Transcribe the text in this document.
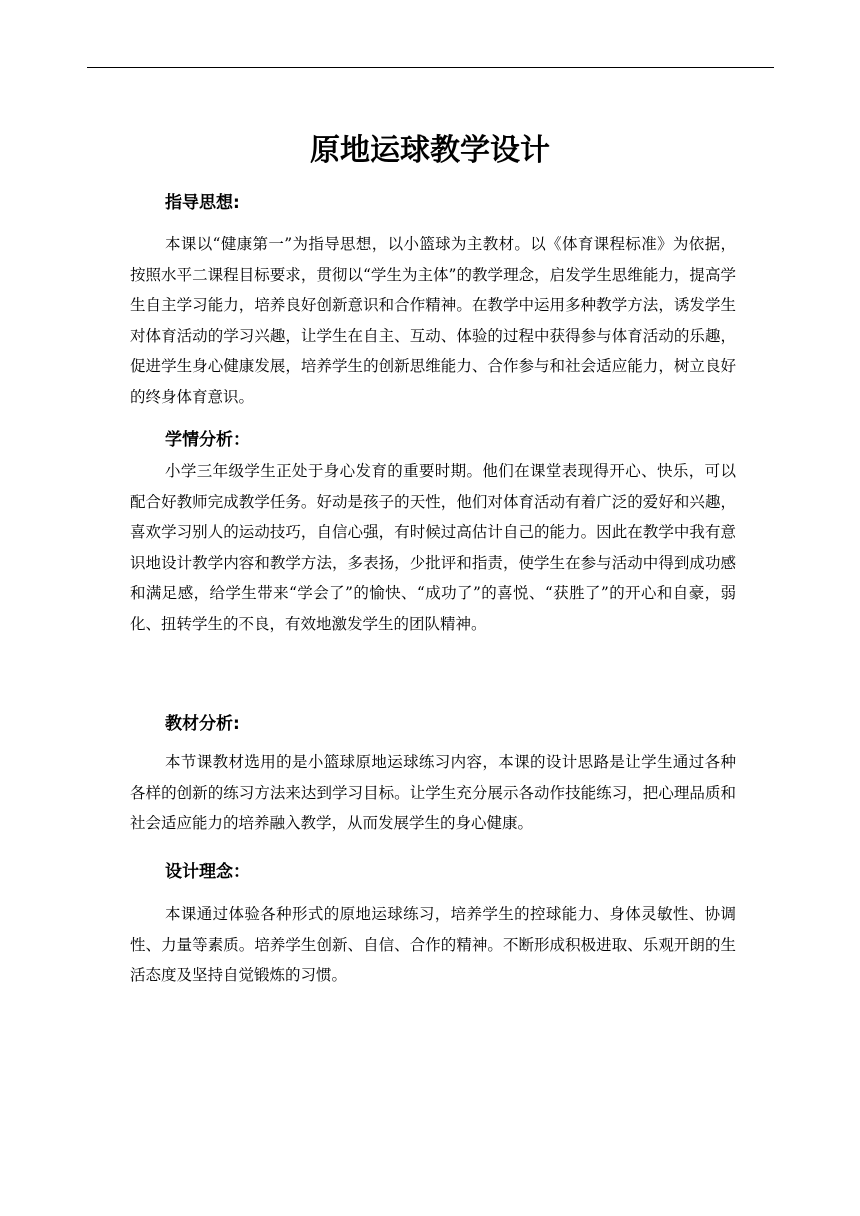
原地运球教学设计
指导思想:

本课以“健康第一”为指导思想，以小篮球为主教材。以《体育课程标准》为依据，按照水平二课程目标要求，贯彻以“学生为主体”的教学理念，启发学生思维能力，提高学生自主学习能力，培养良好创新意识和合作精神。在教学中运用多种教学方法，诱发学生对体育活动的学习兴趣，让学生在自主、互动、体验的过程中获得参与体育活动的乐趣，促进学生身心健康发展，培养学生的创新思维能力、合作参与和社会适应能力，树立良好的终身体育意识。

学情分析：

小学三年级学生正处于身心发育的重要时期。他们在课堂表现得开心、快乐，可以配合好教师完成教学任务。好动是孩子的天性，他们对体育活动有着广泛的爱好和兴趣，喜欢学习别人的运动技巧，自信心强，有时候过高估计自己的能力。因此在教学中我有意识地设计教学内容和教学方法，多表扬，少批评和指责，使学生在参与活动中得到成功感和满足感，给学生带来“学会了”的愉快、“成功了”的喜悦、“获胜了”的开心和自豪，弱化、扭转学生的不良，有效地激发学生的团队精神。

教材分析:

本节课教材选用的是小篮球原地运球练习内容，本课的设计思路是让学生通过各种各样的创新的练习方法来达到学习目标。让学生充分展示各动作技能练习，把心理品质和社会适应能力的培养融入教学，从而发展学生的身心健康。

设计理念：

本课通过体验各种形式的原地运球练习，培养学生的控球能力、身体灵敏性、协调性、力量等素质。培养学生创新、自信、合作的精神。不断形成积极进取、乐观开朗的生活态度及坚持自觉锻炼的习惯。
